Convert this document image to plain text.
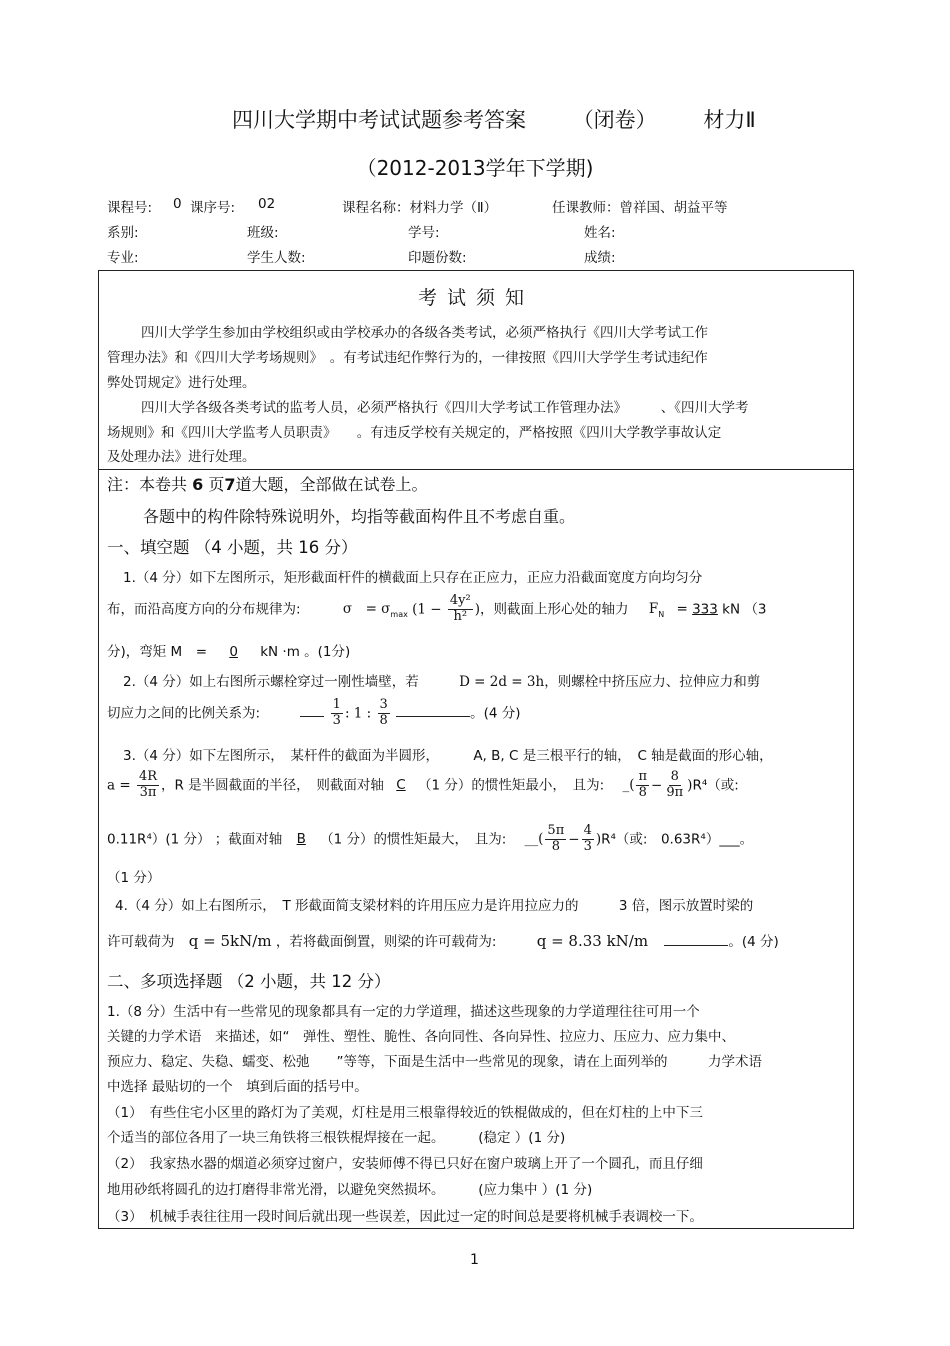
四川大学期中考试试题参考答案 （闭卷） 材力Ⅱ
（2012-2013学年下学期)
课程号: 0 课序号: 02	课程名称：材料力学（Ⅱ）	任课教师：曾祥国、胡益平等
系别:	班级:	学号:	姓名:
专业:	学生人数:	印题份数:	成绩:
考试须知
四川大学学生参加由学校组织或由学校承办的各级各类考试，必须严格执行《四川大学考试工作
管理办法》和《四川大学考场规则》　。有考试违纪作弊行为的，一律按照《四川大学学生考试违纪作
弊处罚规定》进行处理。
四川大学各级各类考试的监考人员，必须严格执行《四川大学考试工作管理办法》　　　、《四川大学考
场规则》和《四川大学监考人员职责》　　。有违反学校有关规定的，严格按照《四川大学教学事故认定
及处理办法》进行处理。
注：本卷共 6 页7道大题，全部做在试卷上。
各题中的构件除特殊说明外，均指等截面构件且不考虑自重。
一、填空题 （4 小题，共 16 分）
1.（4 分）如下左图所示，矩形截面杆件的横截面上只存在正应力，正应力沿截面宽度方向均匀分
布，而沿高度方向的分布规律为:	σ　= $\sigma_{max}$ ($1 - \frac{\text{4y²}}{\text{h²}}$ )，则截面上形心处的轴力 $F_N = 333$ kN （3
分)，弯矩 M　= 0 kN ·m 。(1分)
2.（4 分）如上右图所示螺栓穿过一刚性墙壁，若	D = 2d = 3h，则螺栓中挤压应力、拉伸应力和剪
切应力之间的比例关系为:	$\frac{1}{3}$ : 1 : $\frac{3}{8}$	。(4 分)
3.（4 分）如下左图所示，　某杆件的截面为半圆形，	A, B, C 是三根平行的轴，　C 轴是截面的形心轴，
$a = \frac{4R}{3\pi}$ ，R 是半圆截面的半径，　则截面对轴 C （1 分）的惯性矩最小，　且为: _( $\frac{\pi}{8} - \frac{8}{9\pi} )R^4$（或:
0.11R⁴）(1 分） ；截面对轴 B （1 分）的惯性矩最大，　且为: __( $\frac{5\pi}{8} - \frac{4}{3} )R^4$（或:　0.63R⁴）___。
（1 分）
4.（4 分）如上右图所示，　T 形截面简支梁材料的许用压应力是许用拉应力的	3 倍，图示放置时梁的
许可载荷为 q = 5kN/m ，若将截面倒置，则梁的许可载荷为:	q = 8.33 kN/m	。(4 分)
二、多项选择题 （2 小题，共 12 分）
1.（8 分）生活中有一些常见的现象都具有一定的力学道理，描述这些现象的力学道理往往可用一个
关键的力学术语　来描述，如“　弹性、塑性、脆性、各向同性、各向异性、拉应力、压应力、应力集中、
预应力、稳定、失稳、蠕变、松弛　　”等等，下面是生活中一些常见的现象，请在上面列举的　　　力学术语
中选择 最贴切的一个　填到后面的括号中。
（1）　有些住宅小区里的路灯为了美观，灯柱是用三根靠得较近的铁棍做成的，但在灯柱的上中下三
个适当的部位各用了一块三角铁将三根铁棍焊接在一起。　　　(稳定 ）(1 分)
（2）　我家热水器的烟道必须穿过窗户，安装师傅不得已只好在窗户玻璃上开了一个圆孔，而且仔细
地用砂纸将圆孔的边打磨得非常光滑，以避免突然损坏。　　　(应力集中 ）(1 分)
（3）　机械手表往往用一段时间后就出现一些误差，因此过一定的时间总是要将机械手表调校一下。
1
